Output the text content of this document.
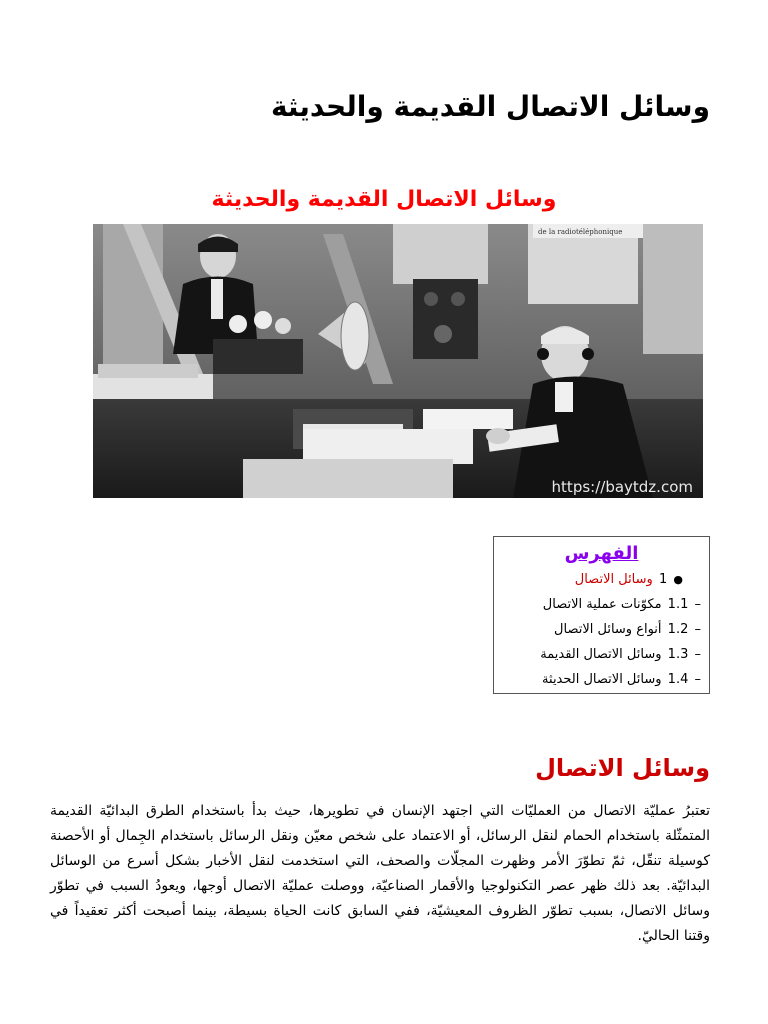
وسائل الاتصال القديمة والحديثة
وسائل الاتصال القديمة والحديثة
de la radiotéléphonique
https://baytdz.com
الفهرس
● 1 وسائل الاتصال
– 1.1 مكوّنات عملية الاتصال
– 1.2 أنواع وسائل الاتصال
– 1.3 وسائل الاتصال القديمة
– 1.4 وسائل الاتصال الحديثة
وسائل الاتصال

تعتبرُ عمليّة الاتصال من العمليّات التي اجتهد الإنسان في تطويرها، حيث بدأ باستخدام الطرق البدائيّة القديمة المتمثّلة باستخدام الحمام لنقل الرسائل، أو الاعتماد على شخص معيّن ونقل الرسائل باستخدام الجِمال أو الأحصنة كوسيلة تنقّل، ثمّ تطوّرَ الأمر وظهرت المجلّات والصحف، التي استخدمت لنقل الأخبار بشكل أسرع من الوسائل البدائيّة. بعد ذلك ظهر عصر التكنولوجيا والأقمار الصناعيّة، ووصلت عمليّة الاتصال أوجها، ويعودُ السبب في تطوّر وسائل الاتصال، بسبب تطوّر الظروف المعيشيّة، ففي السابق كانت الحياة بسيطة، بينما أصبحت أكثر تعقيداً في وقتنا الحاليّ.
